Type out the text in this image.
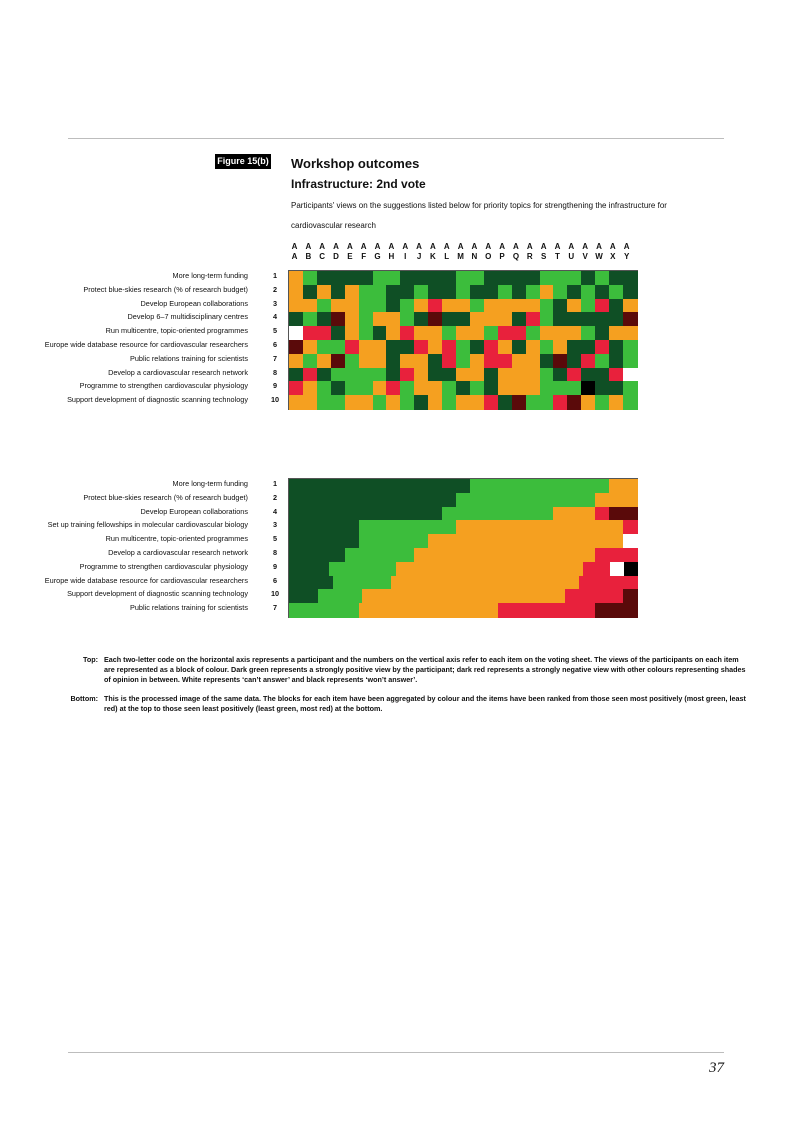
Figure 15(b) Workshop outcomes
Infrastructure: 2nd vote
Participants' views on the suggestions listed below for priority topics for strengthening the infrastructure for cardiovascular research
A
A
A
B
A
C
A
D
A
E
A
F
A
G
A
H
A
I
A
J
A
K
A
L
A
M
A
N
A
O
A
P
A
Q
A
R
A
S
A
T
A
U
A
V
A
W
A
X
A
Y
More long-term funding	1
Protect blue-skies research (% of research budget)	2
Develop European collaborations	3
Develop 6–7 multidisciplinary centres	4
Run multicentre, topic-oriented programmes	5
Europe wide database resource for cardiovascular researchers	6
Public relations training for scientists	7
Develop a cardiovascular research network	8
Programme to strengthen cardiovascular physiology	9
Support development of diagnostic scanning technology	10
More long-term funding	1
Protect blue-skies research (% of research budget)	2
Develop European collaborations	4
Set up training fellowships in molecular cardiovascular biology	3
Run multicentre, topic-oriented programmes	5
Develop a cardiovascular research network	8
Programme to strengthen cardiovascular physiology	9
Europe wide database resource for cardiovascular researchers	6
Support development of diagnostic scanning technology	10
Public relations training for scientists	7
Top: Each two-letter code on the horizontal axis represents a participant and the numbers on the vertical axis refer to each item on the voting sheet. The views of the participants on each item are represented as a block of colour. Dark green represents a strongly positive view by the participant; dark red represents a strongly negative view with other colours representing shades of opinion in between. White represents ‘can’t answer’ and black represents ‘won’t answer’.
Bottom: This is the processed image of the same data. The blocks for each item have been aggregated by colour and the items have been ranked from those seen most positively (most green, least red) at the top to those seen least positively (least green, most red) at the bottom.
37
